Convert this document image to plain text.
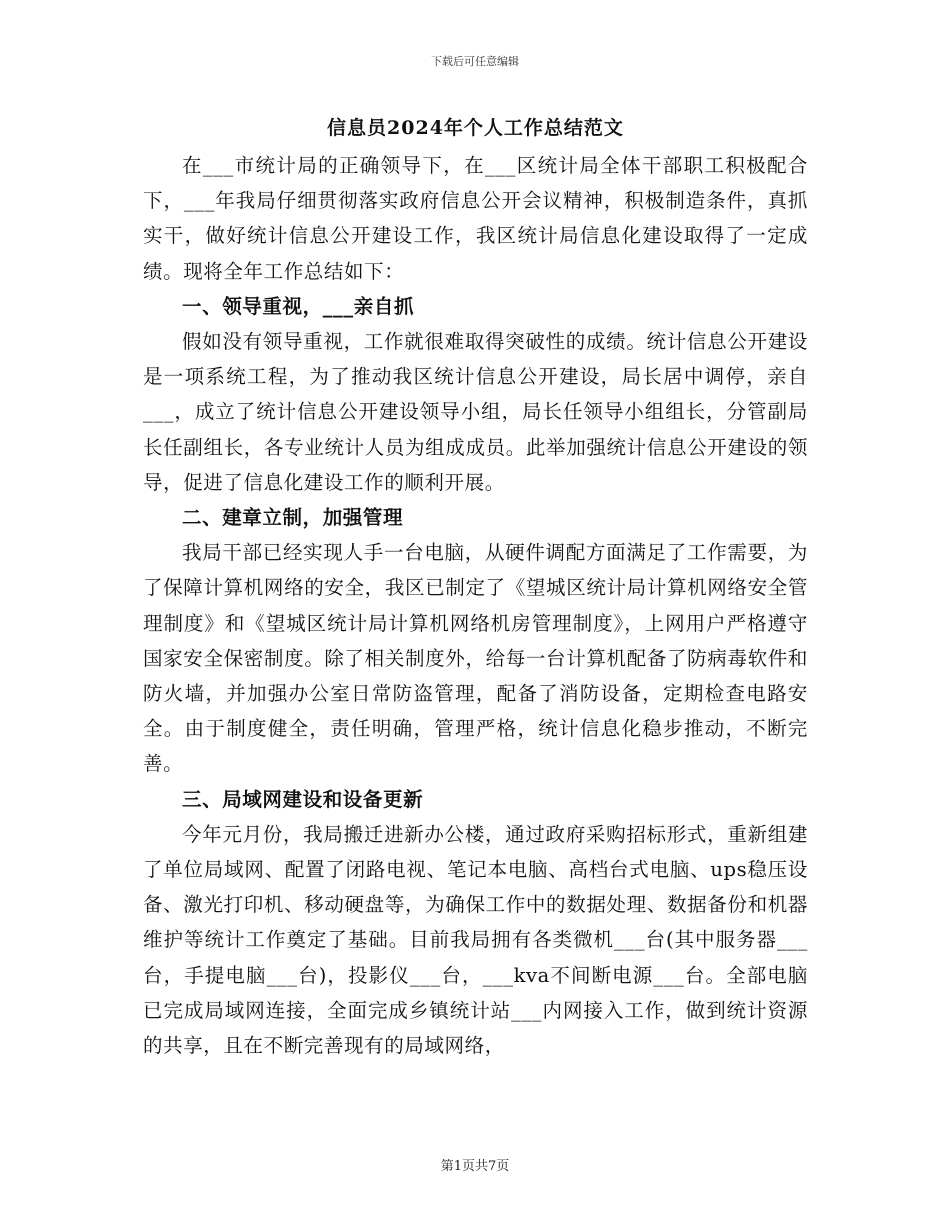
下载后可任意编辑

信息员2024年个人工作总结范文

在___市统计局的正确领导下，在___区统计局全体干部职工积极配合下，___年我局仔细贯彻落实政府信息公开会议精神，积极制造条件，真抓实干，做好统计信息公开建设工作，我区统计局信息化建设取得了一定成绩。现将全年工作总结如下：

一、领导重视，___亲自抓

假如没有领导重视，工作就很难取得突破性的成绩。统计信息公开建设是一项系统工程，为了推动我区统计信息公开建设，局长居中调停，亲自___，成立了统计信息公开建设领导小组，局长任领导小组组长，分管副局长任副组长，各专业统计人员为组成成员。此举加强统计信息公开建设的领导，促进了信息化建设工作的顺利开展。

二、建章立制，加强管理

我局干部已经实现人手一台电脑，从硬件调配方面满足了工作需要，为了保障计算机网络的安全，我区已制定了《望城区统计局计算机网络安全管理制度》和《望城区统计局计算机网络机房管理制度》，上网用户严格遵守国家安全保密制度。除了相关制度外，给每一台计算机配备了防病毒软件和防火墙，并加强办公室日常防盗管理，配备了消防设备，定期检查电路安全。由于制度健全，责任明确，管理严格，统计信息化稳步推动，不断完善。

三、局域网建设和设备更新

今年元月份，我局搬迁进新办公楼，通过政府采购招标形式，重新组建了单位局域网、配置了闭路电视、笔记本电脑、高档台式电脑、ups稳压设备、激光打印机、移动硬盘等，为确保工作中的数据处理、数据备份和机器维护等统计工作奠定了基础。目前我局拥有各类微机___台(其中服务器___台，手提电脑___台)，投影仪___台，___kva不间断电源___台。全部电脑已完成局域网连接，全面完成乡镇统计站___内网接入工作，做到统计资源的共享，且在不断完善现有的局域网络，

第1页共7页
